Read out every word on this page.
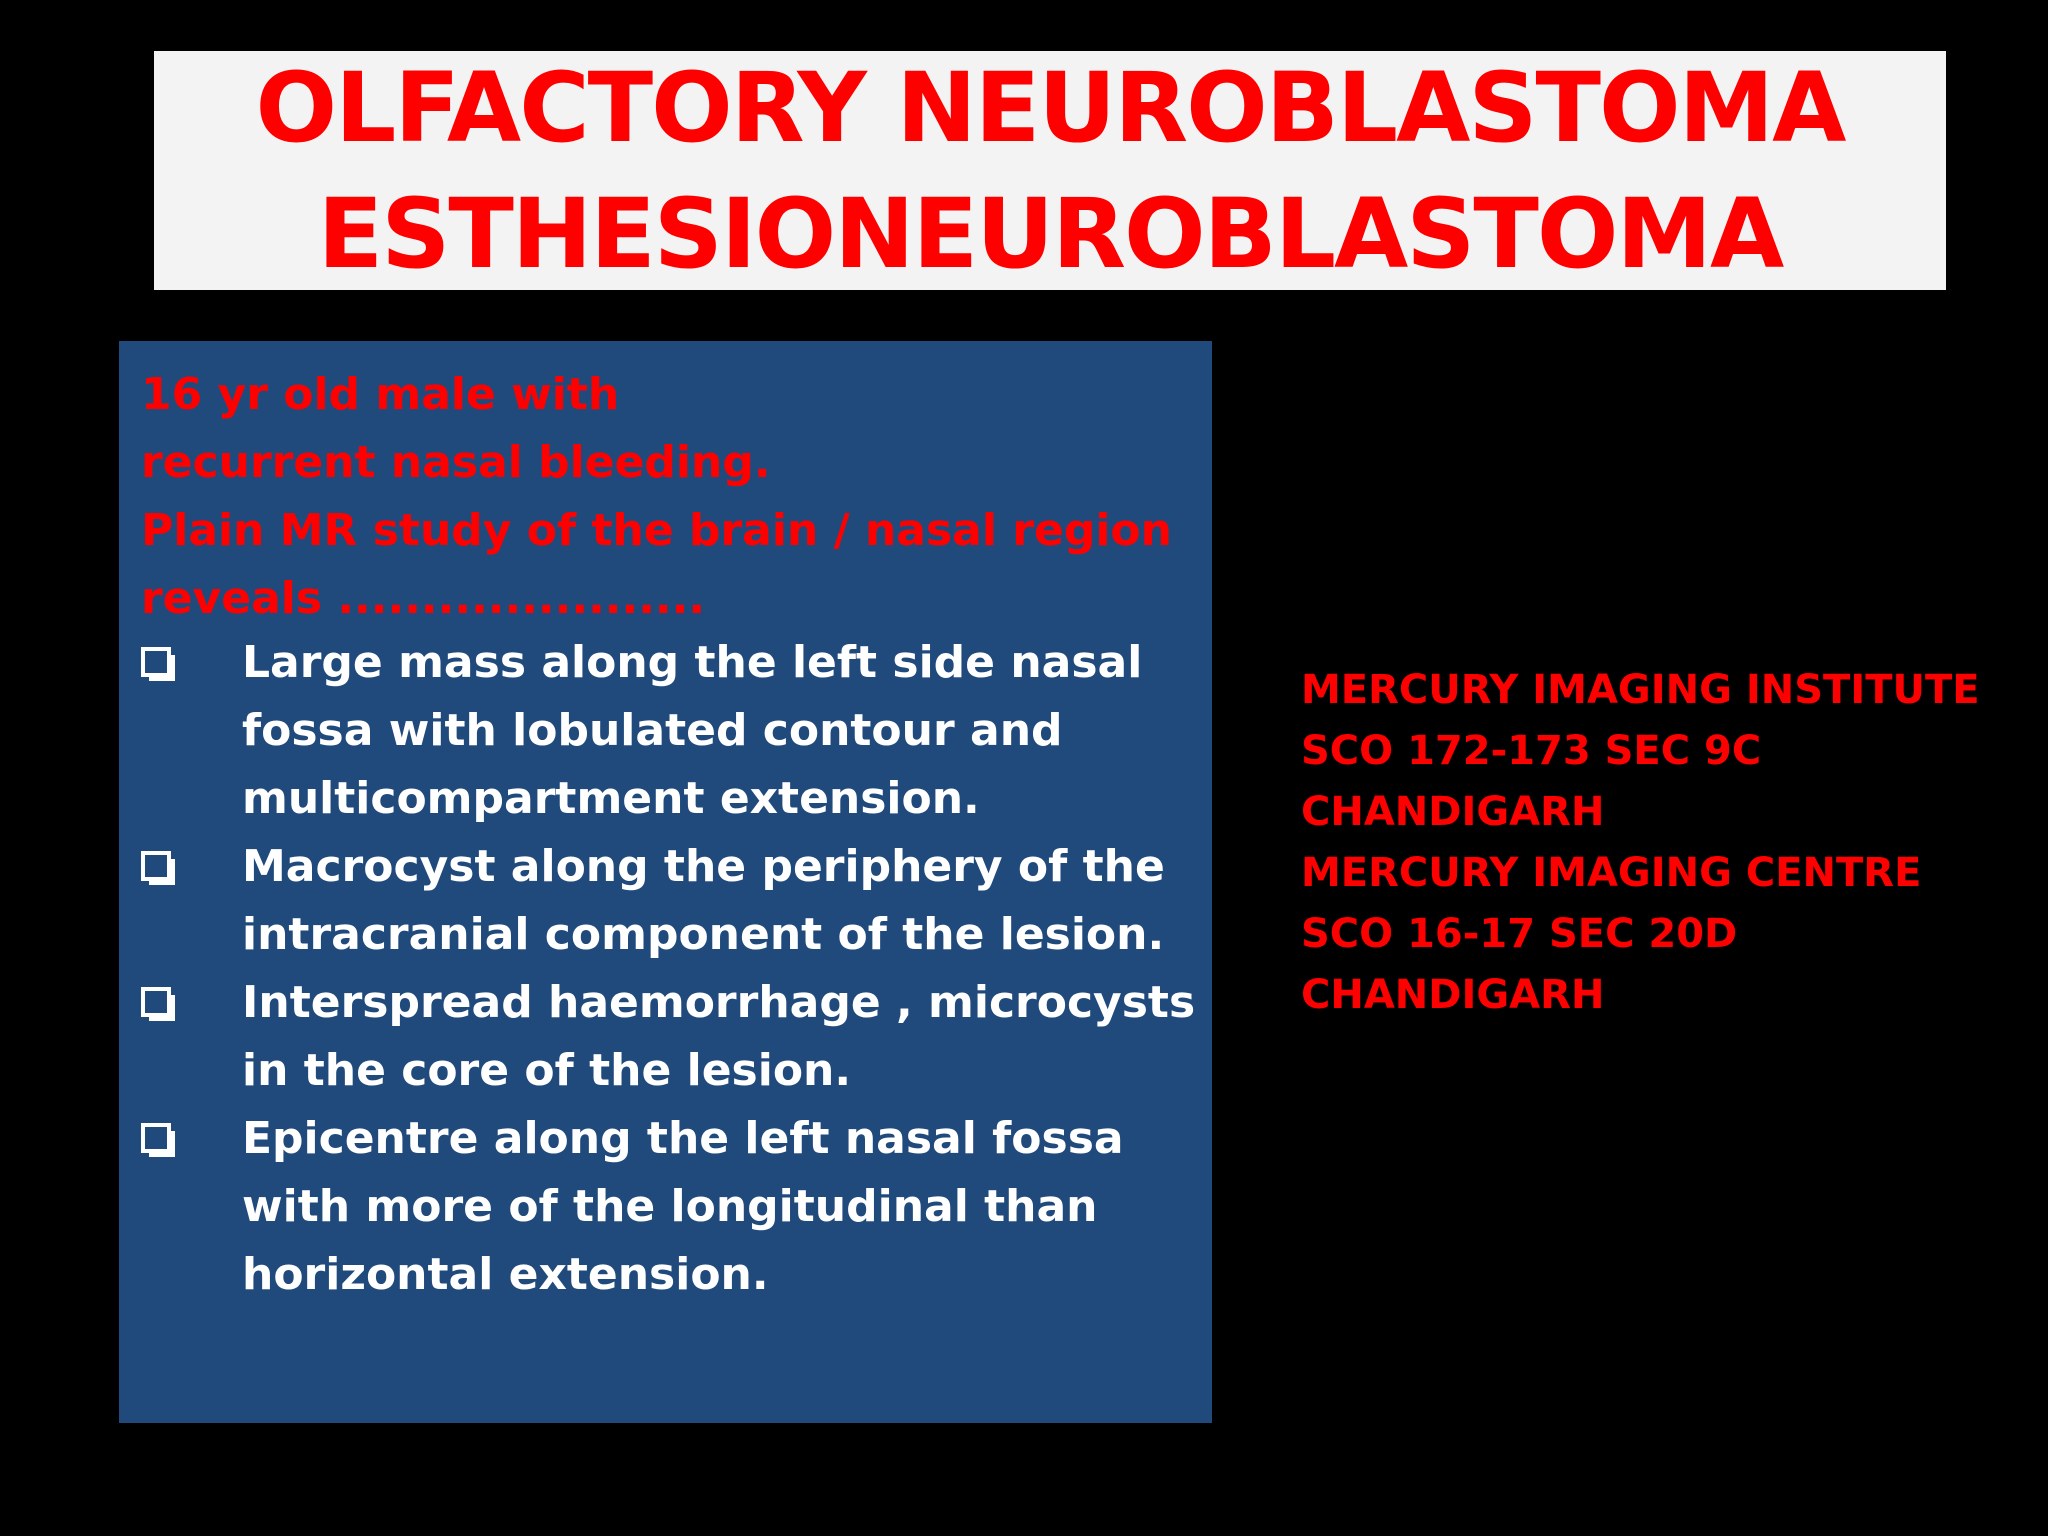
OLFACTORY NEUROBLASTOMA
ESTHESIONEUROBLASTOMA
16 yr old male with
recurrent nasal bleeding.
Plain MR study of the brain / nasal region
reveals ......................
Large mass along the left side nasal
fossa with lobulated contour and
multicompartment extension.
Macrocyst along the periphery of the
intracranial component of the lesion.
Interspread haemorrhage , microcysts
in the core of the lesion.
Epicentre along the left nasal fossa
with more of the longitudinal than
horizontal extension.
MERCURY IMAGING INSTITUTE
SCO 172-173 SEC 9C
CHANDIGARH
MERCURY IMAGING CENTRE
SCO 16-17 SEC 20D
CHANDIGARH
